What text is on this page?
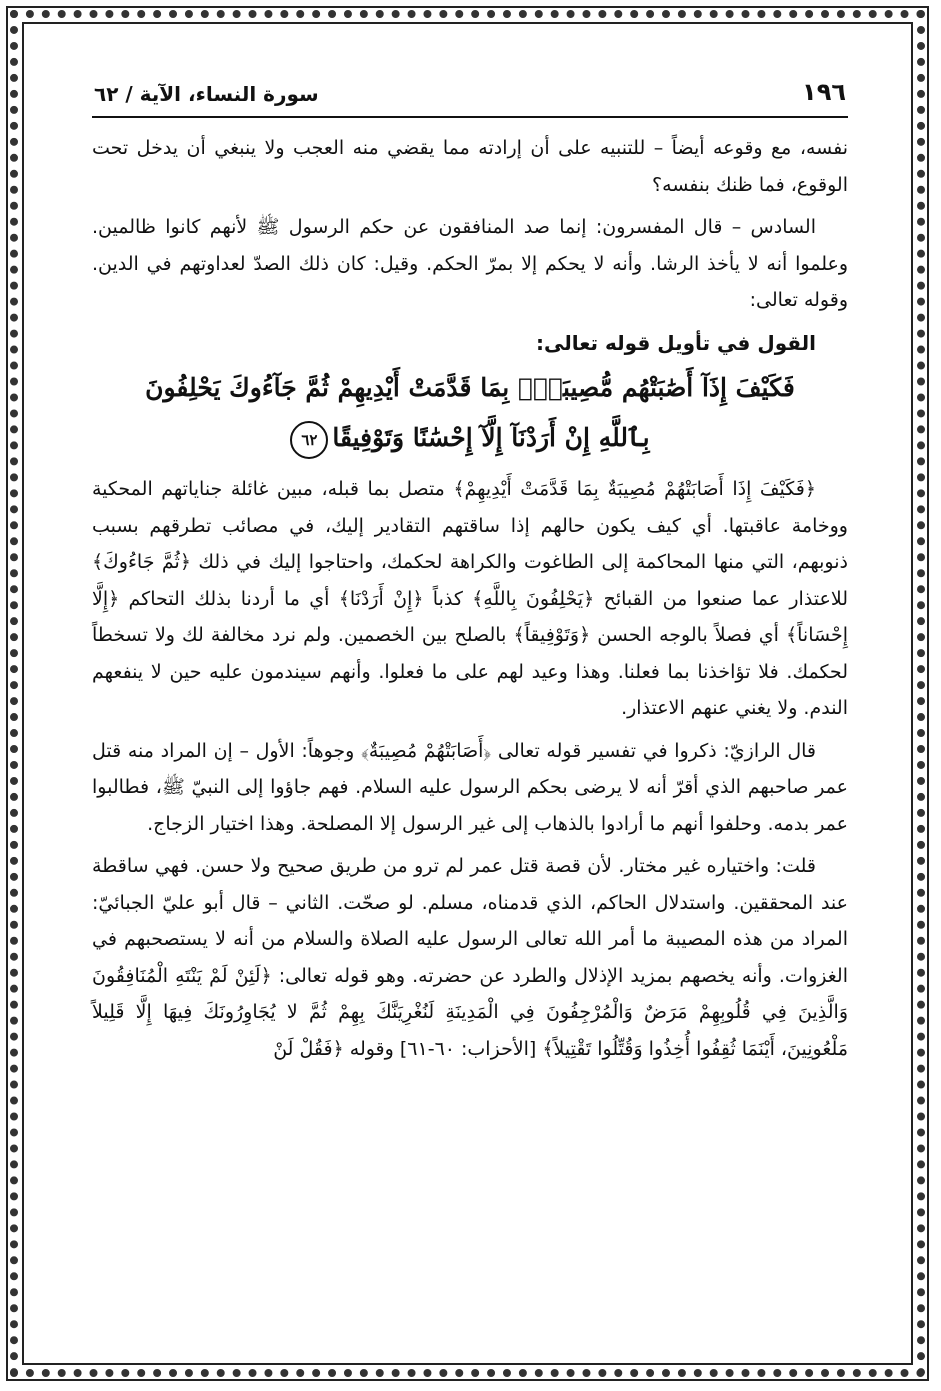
١٩٦
سورة النساء، الآية / ٦٢

نفسه، مع وقوعه أيضاً – للتنبيه على أن إرادته مما يقضي منه العجب ولا ينبغي أن يدخل تحت الوقوع، فما ظنك بنفسه؟

السادس – قال المفسرون: إنما صد المنافقون عن حكم الرسول ﷺ لأنهم كانوا ظالمين. وعلموا أنه لا يأخذ الرشا. وأنه لا يحكم إلا بمرّ الحكم. وقيل: كان ذلك الصدّ لعداوتهم في الدين. وقوله تعالى:

القول في تأويل قوله تعالى:

فَكَيْفَ إِذَآ أَصَٰبَتْهُم مُّصِيبَةٌۢ بِمَا قَدَّمَتْ أَيْدِيهِمْ ثُمَّ جَآءُوكَ يَحْلِفُونَ
بِٱللَّهِ إِنْ أَرَدْنَآ إِلَّآ إِحْسَٰنًا وَتَوْفِيقًا٦٢

﴿فَكَيْفَ إِذَا أَصَابَتْهُمْ مُصِيبَةٌ بِمَا قَدَّمَتْ أَيْدِيهِمْ﴾ متصل بما قبله، مبين غائلة جناياتهم المحكية ووخامة عاقبتها. أي كيف يكون حالهم إذا ساقتهم التقادير إليك، في مصائب تطرقهم بسبب ذنوبهم، التي منها المحاكمة إلى الطاغوت والكراهة لحكمك، واحتاجوا إليك في ذلك ﴿ثُمَّ جَاءُوكَ﴾ للاعتذار عما صنعوا من القبائح ﴿يَحْلِفُونَ بِاللَّهِ﴾ كذباً ﴿إِنْ أَرَدْنَا﴾ أي ما أردنا بذلك التحاكم ﴿إِلَّا إِحْسَاناً﴾ أي فصلاً بالوجه الحسن ﴿وَتَوْفِيقاً﴾ بالصلح بين الخصمين. ولم نرد مخالفة لك ولا تسخطاً لحكمك. فلا تؤاخذنا بما فعلنا. وهذا وعيد لهم على ما فعلوا. وأنهم سيندمون عليه حين لا ينفعهم الندم. ولا يغني عنهم الاعتذار.

قال الرازيّ: ذكروا في تفسير قوله تعالى ﴿أَصَابَتْهُمْ مُصِيبَةٌ﴾ وجوهاً: الأول – إن المراد منه قتل عمر صاحبهم الذي أقرّ أنه لا يرضى بحكم الرسول عليه السلام. فهم جاؤوا إلى النبيّ ﷺ، فطالبوا عمر بدمه. وحلفوا أنهم ما أرادوا بالذهاب إلى غير الرسول إلا المصلحة. وهذا اختيار الزجاج.

قلت: واختياره غير مختار. لأن قصة قتل عمر لم ترو من طريق صحيح ولا حسن. فهي ساقطة عند المحققين. واستدلال الحاكم، الذي قدمناه، مسلم. لو صحّت. الثاني – قال أبو عليّ الجبائيّ: المراد من هذه المصيبة ما أمر الله تعالى الرسول عليه الصلاة والسلام من أنه لا يستصحبهم في الغزوات. وأنه يخصهم بمزيد الإذلال والطرد عن حضرته. وهو قوله تعالى: ﴿لَئِنْ لَمْ يَنْتَهِ الْمُنَافِقُونَ وَالَّذِينَ فِي قُلُوبِهِمْ مَرَضٌ وَالْمُرْجِفُونَ فِي الْمَدِينَةِ لَنُغْرِيَنَّكَ بِهِمْ ثُمَّ لا يُجَاوِرُونَكَ فِيهَا إِلَّا قَلِيلاً مَلْعُونِينَ، أَيْنَمَا ثُقِفُوا أُخِذُوا وَقُتِّلُوا تَقْتِيلاً﴾ [الأحزاب: ٦٠-٦١] وقوله ﴿فَقُلْ لَنْ
